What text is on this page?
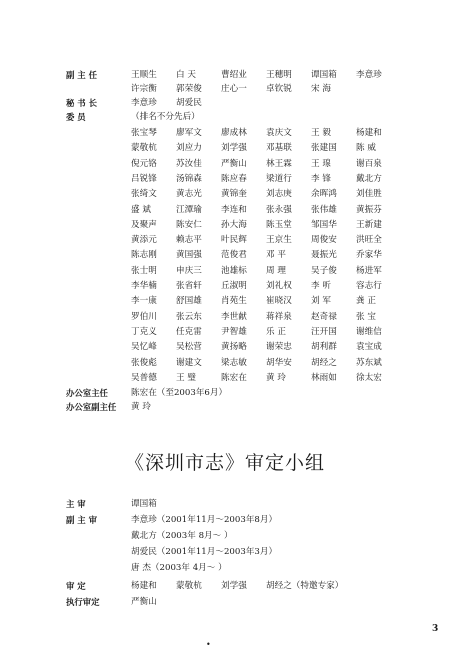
副 主 任	王顺生 白 天	曹绍业 王穗明 谭国箱 李意珍
许宗衡 郭荣俊 庄心一 卓钦锐 宋 海
秘 书 长	李意珍 胡爱民
委 员	（排名不分先后）
张宝琴 廖军文 廖成林 袁庆文 王 毅	杨建和
蒙敬杭 刘应力 刘学强 邓基联 张建国 陈 威
倪元铬 苏汝佳 严衡山 林王霖 王 瑔	谢百泉
吕锐锋 汤锦森 陈应春 梁道行 李 锋	戴北方
张绮文 黄志光 黄锦奎 刘志庚 余晖鸿 刘佳胜
盛 斌	江潭瑜 李连和 张永强 张伟雄 黄振芬
及聚声 陈安仁 孙大海 陈玉堂 邹国华 王新建
黄添元 赖志平 叶民辉 王京生 周俊安 洪旺全
陈志刚 黄国强 范俊君 邓 平	聂振光 乔家华
张士明 申庆三 池雄标 周 理	吴子俊 杨进军
李华楠 张省轩 丘淑明 刘礼权 李 听	容志行
李一康 舒国雄 肖苑生 崔晓汉 刘 军	龚 正
罗伯川 张云东 李世献 蒋祥泉 赵奇禄 张 宝
丁克义 任克雷 尹智雄 乐 正	汪开国 谢维信
吴忆峰 吴松营 黄扬略 谢荣忠 胡利群 袁宝成
张俊彪 谢建文 梁志敏 胡华安 胡经之 苏东斌
吴普德 王 璧	陈宏在 黄 玲	林雨如 徐太宏
办公室主任	陈宏在（至2003年6月）
办公室副主任	黄 玲
《深圳市志》审定小组
主 审	谭国箱
副 主 审	李意珍（2001年11月～2003年8月）
戴北方（2003年 8月～ ）
胡爱民（2001年11月～2003年3月）
唐 杰（2003年 4月～ ）
审 定	杨建和 蒙敬杭 刘学强 胡经之（特邀专家）
执行审定	严衡山
3
•
